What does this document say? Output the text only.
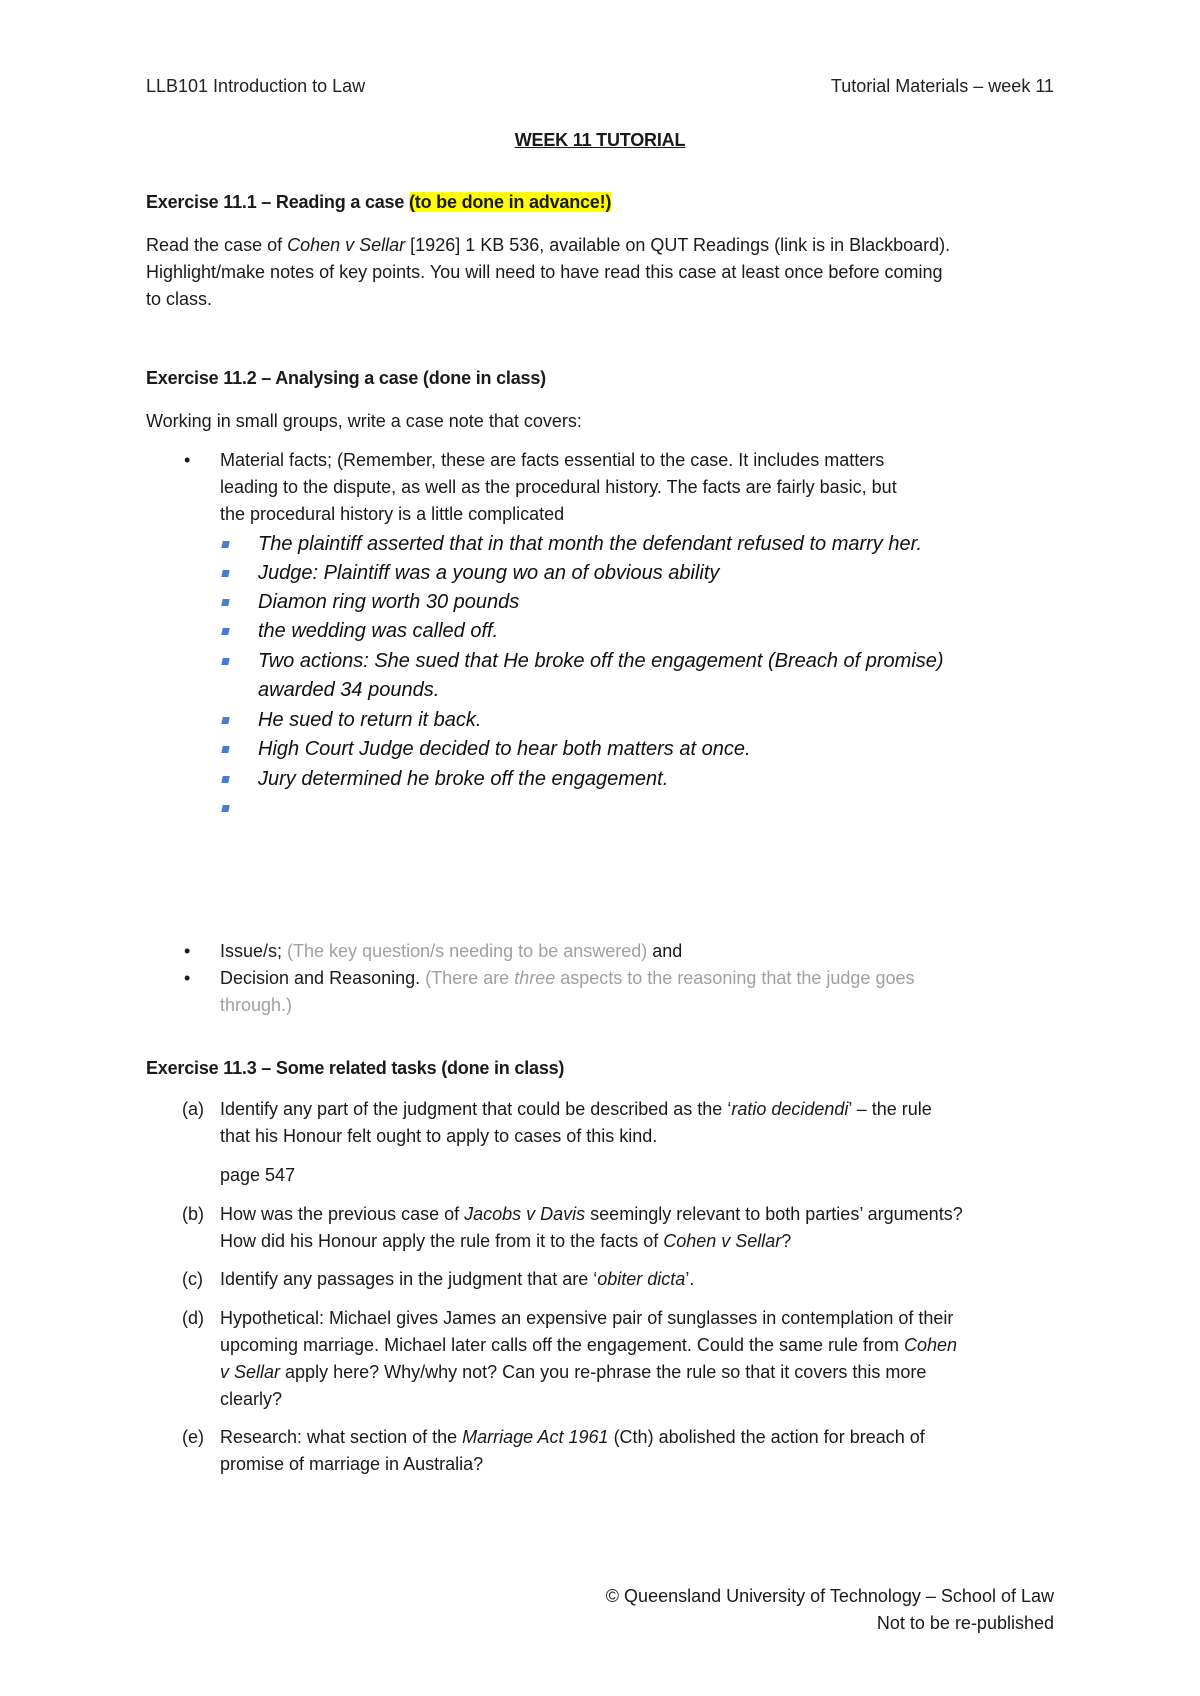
LLB101 Introduction to Law	Tutorial Materials – week 11
WEEK 11 TUTORIAL
Exercise 11.1 – Reading a case (to be done in advance!)
Read the case of Cohen v Sellar [1926] 1 KB 536, available on QUT Readings (link is in Blackboard).
Highlight/make notes of key points. You will need to have read this case at least once before coming
to class.
Exercise 11.2 – Analysing a case (done in class)
Working in small groups, write a case note that covers:
• Material facts; (Remember, these are facts essential to the case. It includes matters
leading to the dispute, as well as the procedural history. The facts are fairly basic, but
the procedural history is a little complicated
The plaintiff asserted that in that month the defendant refused to marry her.
Judge: Plaintiff was a young wo an of obvious ability
Diamon ring worth 30 pounds
the wedding was called off.
Two actions: She sued that He broke off the engagement (Breach of promise)
awarded 34 pounds.
He sued to return it back.
High Court Judge decided to hear both matters at once.
Jury determined he broke off the engagement.
• Issue/s; (The key question/s needing to be answered) and
• Decision and Reasoning. (There are three aspects to the reasoning that the judge goes
through.)
Exercise 11.3 – Some related tasks (done in class)
(a) Identify any part of the judgment that could be described as the ‘ratio decidendi’ – the rule
that his Honour felt ought to apply to cases of this kind.
page 547
(b) How was the previous case of Jacobs v Davis seemingly relevant to both parties’ arguments?
How did his Honour apply the rule from it to the facts of Cohen v Sellar?
(c) Identify any passages in the judgment that are ‘obiter dicta’.
(d) Hypothetical: Michael gives James an expensive pair of sunglasses in contemplation of their
upcoming marriage. Michael later calls off the engagement. Could the same rule from Cohen
v Sellar apply here? Why/why not? Can you re-phrase the rule so that it covers this more
clearly?
(e) Research: what section of the Marriage Act 1961 (Cth) abolished the action for breach of
promise of marriage in Australia?
© Queensland University of Technology – School of Law
Not to be re-published
